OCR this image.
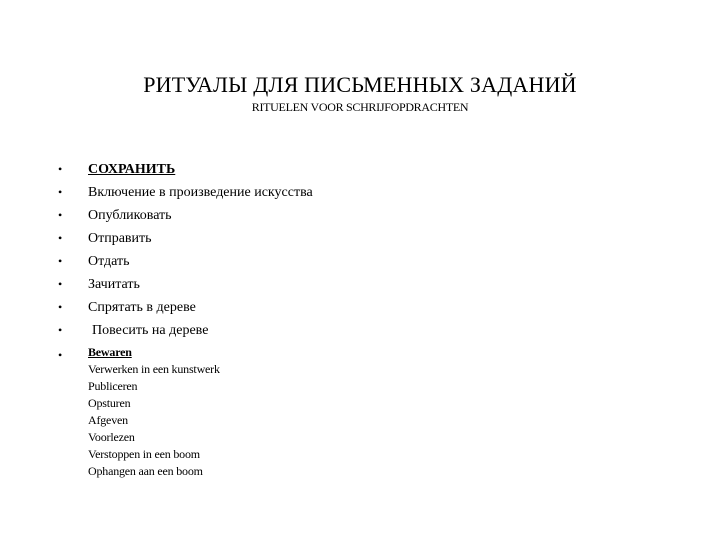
РИТУАЛЫ ДЛЯ ПИСЬМЕННЫХ ЗАДАНИЙ
RITUELEN VOOR SCHRIJFOPDRACHTEN
•	СОХРАНИТЬ
•	Включение в произведение искусства
•	Опубликовать
•	Отправить
•	Отдать
•	Зачитать
•	Спрятать в дереве
•	Повесить на дереве
•	Bewaren
Verwerken in een kunstwerk
Publiceren
Opsturen
Afgeven
Voorlezen
Verstoppen in een boom
Ophangen aan een boom
